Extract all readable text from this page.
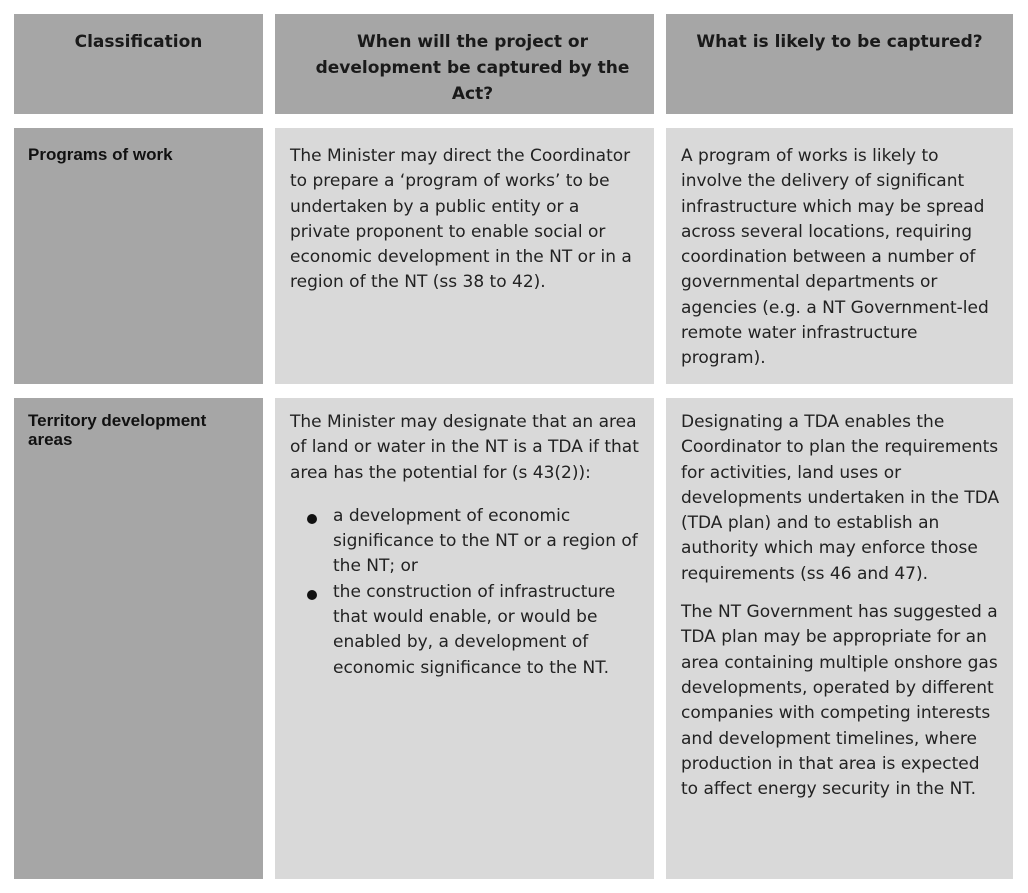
Classification	When will the project or development be captured by the Act?
What is likely to be captured?
Programs of work	The Minister may direct the Coordinator to prepare a ‘program of works’ to be undertaken by a public entity or a private proponent to enable social or economic development in the NT or in a region of the NT (ss 38 to 42).

A program of works is likely to involve the delivery of significant infrastructure which may be spread across several locations, requiring coordination between a number of governmental departments or agencies (e.g. a NT Government-led remote water infrastructure program).

Territory development areas

The Minister may designate that an area of land or water in the NT is a TDA if that area has the potential for (s 43(2)):

a development of economic significance to the NT or a region of the NT; or
the construction of infrastructure that would enable, or would be enabled by, a development of economic significance to the NT.

Designating a TDA enables the Coordinator to plan the requirements for activities, land uses or developments undertaken in the TDA (TDA plan) and to establish an authority which may enforce those requirements (ss 46 and 47).

The NT Government has suggested a TDA plan may be appropriate for an area containing multiple onshore gas developments, operated by different companies with competing interests and development timelines, where production in that area is expected to affect energy security in the NT.
